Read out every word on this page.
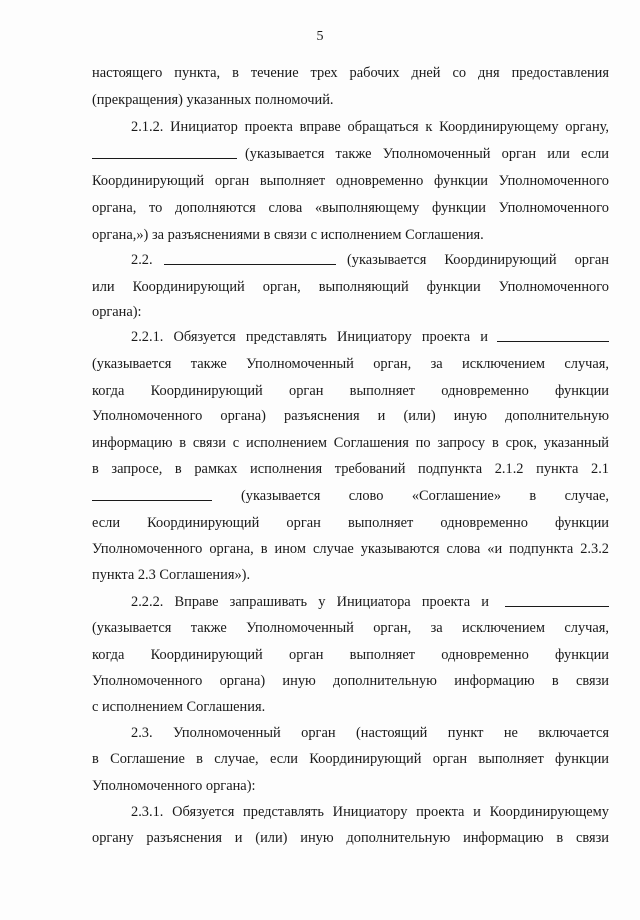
5
настоящего пункта, в течение трех рабочих дней со дня предоставления
(прекращения) указанных полномочий.
2.1.2. Инициатор проекта вправе обращаться к Координирующему органу,
(указывается также Уполномоченный орган или если
Координирующий орган выполняет одновременно функции Уполномоченного
органа, то дополняются слова «выполняющему функции Уполномоченного
органа,») за разъяснениями в связи с исполнением Соглашения.
2.2.	(указывается Координирующий орган
или Координирующий орган, выполняющий функции Уполномоченного
органа):
2.2.1. Обязуется представлять Инициатору проекта и
(указывается также Уполномоченный орган, за исключением случая,
когда Координирующий орган выполняет одновременно функции
Уполномоченного органа) разъяснения и (или) иную дополнительную
информацию в связи с исполнением Соглашения по запросу в срок, указанный
в запросе, в рамках исполнения требований подпункта 2.1.2 пункта 2.1
(указывается слово «Соглашение» в случае,
если Координирующий орган выполняет одновременно функции
Уполномоченного органа, в ином случае указываются слова «и подпункта 2.3.2
пункта 2.3 Соглашения»).
2.2.2. Вправе запрашивать у Инициатора проекта и
(указывается также Уполномоченный орган, за исключением случая,
когда Координирующий орган выполняет одновременно функции
Уполномоченного органа) иную дополнительную информацию в связи
с исполнением Соглашения.
2.3. Уполномоченный орган (настоящий пункт не включается
в Соглашение в случае, если Координирующий орган выполняет функции
Уполномоченного органа):
2.3.1. Обязуется представлять Инициатору проекта и Координирующему
органу разъяснения и (или) иную дополнительную информацию в связи
